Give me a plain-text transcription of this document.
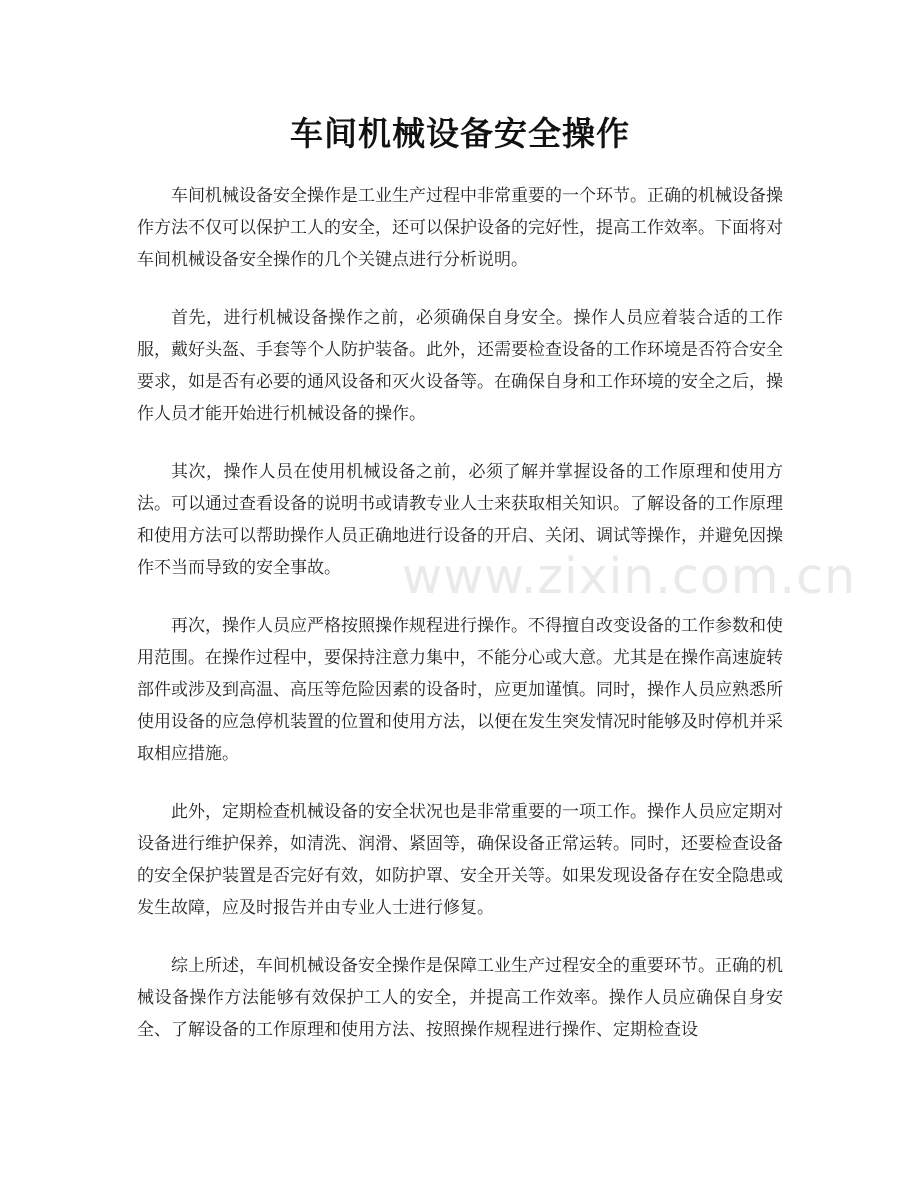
车间机械设备安全操作

车间机械设备安全操作是工业生产过程中非常重要的一个环节。正确的机械设备操作方法不仅可以保护工人的安全，还可以保护设备的完好性，提高工作效率。下面将对车间机械设备安全操作的几个关键点进行分析说明。

首先，进行机械设备操作之前，必须确保自身安全。操作人员应着装合适的工作服，戴好头盔、手套等个人防护装备。此外，还需要检查设备的工作环境是否符合安全要求，如是否有必要的通风设备和灭火设备等。在确保自身和工作环境的安全之后，操作人员才能开始进行机械设备的操作。

其次，操作人员在使用机械设备之前，必须了解并掌握设备的工作原理和使用方法。可以通过查看设备的说明书或请教专业人士来获取相关知识。了解设备的工作原理和使用方法可以帮助操作人员正确地进行设备的开启、关闭、调试等操作，并避免因操作不当而导致的安全事故。

再次，操作人员应严格按照操作规程进行操作。不得擅自改变设备的工作参数和使用范围。在操作过程中，要保持注意力集中，不能分心或大意。尤其是在操作高速旋转部件或涉及到高温、高压等危险因素的设备时，应更加谨慎。同时，操作人员应熟悉所使用设备的应急停机装置的位置和使用方法，以便在发生突发情况时能够及时停机并采取相应措施。

此外，定期检查机械设备的安全状况也是非常重要的一项工作。操作人员应定期对设备进行维护保养，如清洗、润滑、紧固等，确保设备正常运转。同时，还要检查设备的安全保护装置是否完好有效，如防护罩、安全开关等。如果发现设备存在安全隐患或发生故障，应及时报告并由专业人士进行修复。

综上所述，车间机械设备安全操作是保障工业生产过程安全的重要环节。正确的机械设备操作方法能够有效保护工人的安全，并提高工作效率。操作人员应确保自身安全、了解设备的工作原理和使用方法、按照操作规程进行操作、定期检查设

www.zixin.com.cn
